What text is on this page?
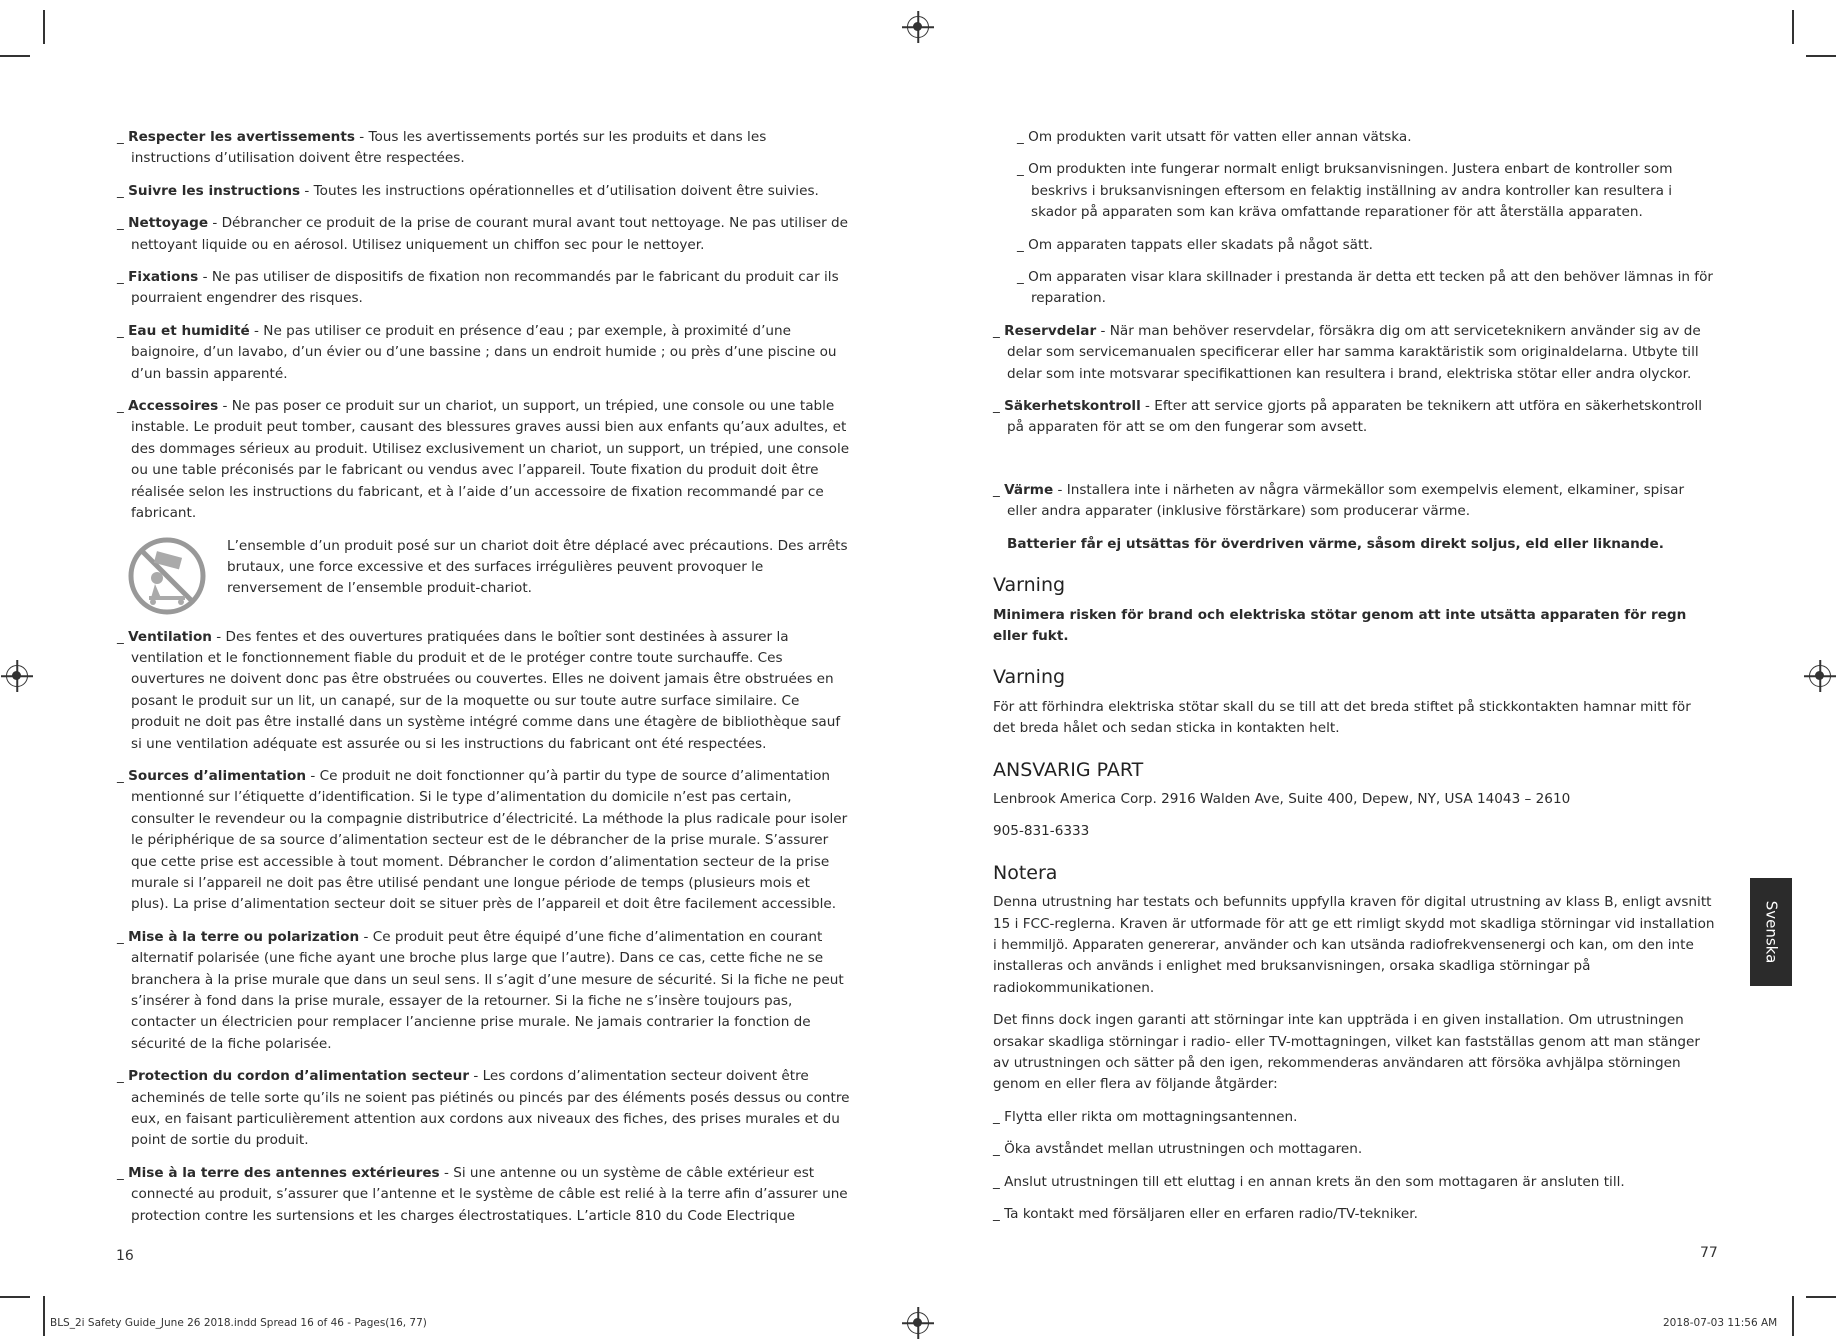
_ Respecter les avertissements - Tous les avertissements portés sur les produits et dans les instructions d’utilisation doivent être respectées.
_ Suivre les instructions - Toutes les instructions opérationnelles et d’utilisation doivent être suivies.
_ Nettoyage - Débrancher ce produit de la prise de courant mural avant tout nettoyage. Ne pas utiliser de nettoyant liquide ou en aérosol. Utilisez uniquement un chiffon sec pour le nettoyer.
_ Fixations - Ne pas utiliser de dispositifs de fixation non recommandés par le fabricant du produit car ils pourraient engendrer des risques.
_ Eau et humidité - Ne pas utiliser ce produit en présence d’eau ; par exemple, à proximité d’une baignoire, d’un lavabo, d’un évier ou d’une bassine ; dans un endroit humide ; ou près d’une piscine ou d’un bassin apparenté.
_ Accessoires - Ne pas poser ce produit sur un chariot, un support, un trépied, une console ou une table instable. Le produit peut tomber, causant des blessures graves aussi bien aux enfants qu’aux adultes, et des dommages sérieux au produit. Utilisez exclusivement un chariot, un support, un trépied, une console ou une table préconisés par le fabricant ou vendus avec l’appareil. Toute fixation du produit doit être réalisée selon les instructions du fabricant, et à l’aide d’un accessoire de fixation recommandé par ce fabricant.
L’ensemble d’un produit posé sur un chariot doit être déplacé avec précautions. Des arrêts brutaux, une force excessive et des surfaces irrégulières peuvent provoquer le renversement de l’ensemble produit-chariot.
_ Ventilation - Des fentes et des ouvertures pratiquées dans le boîtier sont destinées à assurer la ventilation et le fonctionnement fiable du produit et de le protéger contre toute surchauffe. Ces ouvertures ne doivent donc pas être obstruées ou couvertes. Elles ne doivent jamais être obstruées en posant le produit sur un lit, un canapé, sur de la moquette ou sur toute autre surface similaire. Ce produit ne doit pas être installé dans un système intégré comme dans une étagère de bibliothèque sauf si une ventilation adéquate est assurée ou si les instructions du fabricant ont été respectées.
_ Sources d’alimentation - Ce produit ne doit fonctionner qu’à partir du type de source d’alimentation mentionné sur l’étiquette d’identification. Si le type d’alimentation du domicile n’est pas certain, consulter le revendeur ou la compagnie distributrice d’électricité. La méthode la plus radicale pour isoler le périphérique de sa source d’alimentation secteur est de le débrancher de la prise murale. S’assurer que cette prise est accessible à tout moment. Débrancher le cordon d’alimentation secteur de la prise murale si l’appareil ne doit pas être utilisé pendant une longue période de temps (plusieurs mois et plus). La prise d’alimentation secteur doit se situer près de l’appareil et doit être facilement accessible.
_ Mise à la terre ou polarization - Ce produit peut être équipé d’une fiche d’alimentation en courant alternatif polarisée (une fiche ayant une broche plus large que l’autre). Dans ce cas, cette fiche ne se branchera à la prise murale que dans un seul sens. Il s’agit d’une mesure de sécurité. Si la fiche ne peut s’insérer à fond dans la prise murale, essayer de la retourner. Si la fiche ne s’insère toujours pas, contacter un électricien pour remplacer l’ancienne prise murale. Ne jamais contrarier la fonction de sécurité de la fiche polarisée.
_ Protection du cordon d’alimentation secteur - Les cordons d’alimentation secteur doivent être acheminés de telle sorte qu’ils ne soient pas piétinés ou pincés par des éléments posés dessus ou contre eux, en faisant particulièrement attention aux cordons aux niveaux des fiches, des prises murales et du point de sortie du produit.
_ Mise à la terre des antennes extérieures - Si une antenne ou un système de câble extérieur est connecté au produit, s’assurer que l’antenne et le système de câble est relié à la terre afin d’assurer une protection contre les surtensions et les charges électrostatiques. L’article 810 du Code Electrique
16
_ Om produkten varit utsatt för vatten eller annan vätska.
_ Om produkten inte fungerar normalt enligt bruksanvisningen. Justera enbart de kontroller som beskrivs i bruksanvisningen eftersom en felaktig inställning av andra kontroller kan resultera i skador på apparaten som kan kräva omfattande reparationer för att återställa apparaten.
_ Om apparaten tappats eller skadats på något sätt.
_ Om apparaten visar klara skillnader i prestanda är detta ett tecken på att den behöver lämnas in för reparation.
_ Reservdelar - När man behöver reservdelar, försäkra dig om att serviceteknikern använder sig av de delar som servicemanualen specificerar eller har samma karaktäristik som originaldelarna. Utbyte till delar som inte motsvarar specifikattionen kan resultera i brand, elektriska stötar eller andra olyckor.
_ Säkerhetskontroll - Efter att service gjorts på apparaten be teknikern att utföra en säkerhetskontroll på apparaten för att se om den fungerar som avsett.
_ Värme - Installera inte i närheten av några värmekällor som exempelvis element, elkaminer, spisar eller andra apparater (inklusive förstärkare) som producerar värme.
Batterier får ej utsättas för överdriven värme, såsom direkt soljus, eld eller liknande.
Varning
Minimera risken för brand och elektriska stötar genom att inte utsätta apparaten för regn eller fukt.
Varning
För att förhindra elektriska stötar skall du se till att det breda stiftet på stickkontakten hamnar mitt för det breda hålet och sedan sticka in kontakten helt.
ANSVARIG PART
Lenbrook America Corp. 2916 Walden Ave, Suite 400, Depew, NY, USA 14043 – 2610
905-831-6333
Notera
Denna utrustning har testats och befunnits uppfylla kraven för digital utrustning av klass B, enligt avsnitt 15 i FCC-reglerna. Kraven är utformade för att ge ett rimligt skydd mot skadliga störningar vid installation i hemmiljö. Apparaten genererar, använder och kan utsända radiofrekvensenergi och kan, om den inte installeras och används i enlighet med bruksanvisningen, orsaka skadliga störningar på radiokommunikationen.
Det finns dock ingen garanti att störningar inte kan uppträda i en given installation. Om utrustningen orsakar skadliga störningar i radio- eller TV-mottagningen, vilket kan fastställas genom att man stänger av utrustningen och sätter på den igen, rekommenderas användaren att försöka avhjälpa störningen genom en eller flera av följande åtgärder:
_ Flytta eller rikta om mottagningsantennen.
_ Öka avståndet mellan utrustningen och mottagaren.
_ Anslut utrustningen till ett eluttag i en annan krets än den som mottagaren är ansluten till.
_ Ta kontakt med försäljaren eller en erfaren radio/TV-tekniker.
77
Svenska
BLS_2i Safety Guide_June 26 2018.indd Spread 16 of 46 - Pages(16, 77)	2018-07-03 11:56 AM
